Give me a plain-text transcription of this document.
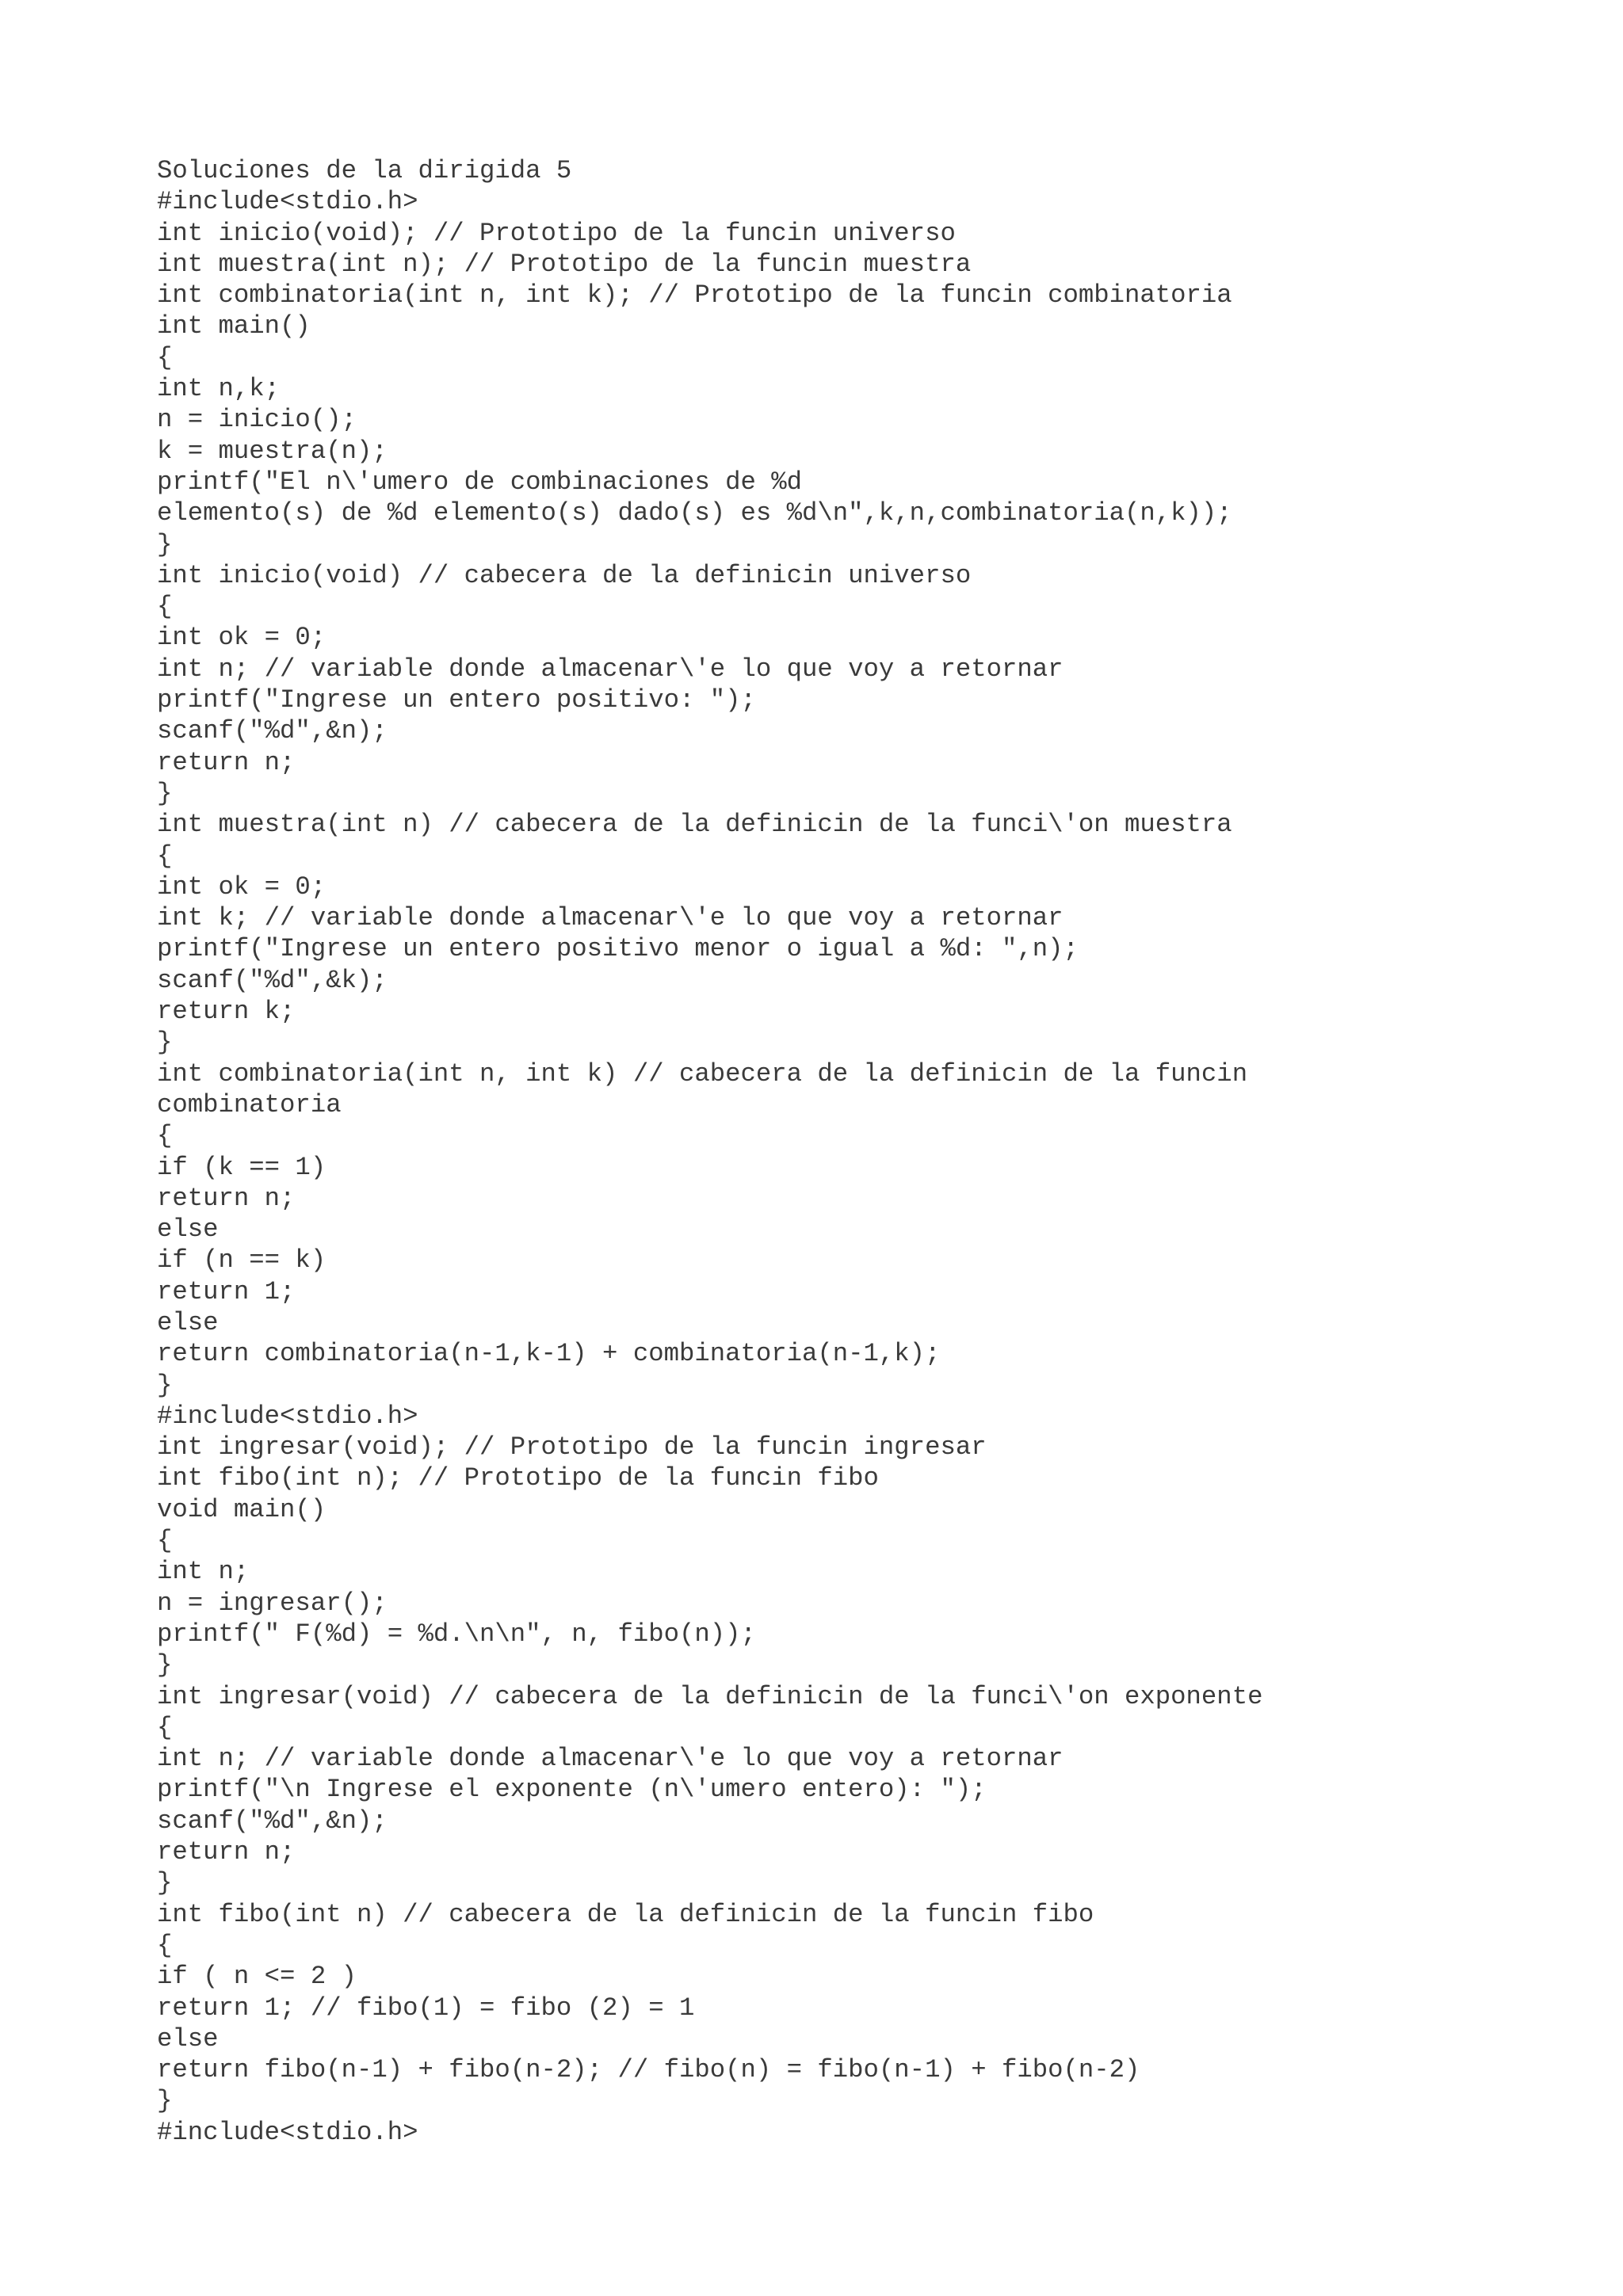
Soluciones de la dirigida 5
#include<stdio.h>
int inicio(void); // Prototipo de la funcin universo
int muestra(int n); // Prototipo de la funcin muestra
int combinatoria(int n, int k); // Prototipo de la funcin combinatoria
int main()
{
int n,k;
n = inicio();
k = muestra(n);
printf("El n\'umero de combinaciones de %d
elemento(s) de %d elemento(s) dado(s) es %d\n",k,n,combinatoria(n,k));
}
int inicio(void) // cabecera de la definicin universo
{
int ok = 0;
int n; // variable donde almacenar\'e lo que voy a retornar
printf("Ingrese un entero positivo: ");
scanf("%d",&n);
return n;
}
int muestra(int n) // cabecera de la definicin de la funci\'on muestra
{
int ok = 0;
int k; // variable donde almacenar\'e lo que voy a retornar
printf("Ingrese un entero positivo menor o igual a %d: ",n);
scanf("%d",&k);
return k;
}
int combinatoria(int n, int k) // cabecera de la definicin de la funcin
combinatoria
{
if (k == 1)
return n;
else
if (n == k)
return 1;
else
return combinatoria(n-1,k-1) + combinatoria(n-1,k);
}
#include<stdio.h>
int ingresar(void); // Prototipo de la funcin ingresar
int fibo(int n); // Prototipo de la funcin fibo
void main()
{
int n;
n = ingresar();
printf(" F(%d) = %d.\n\n", n, fibo(n));
}
int ingresar(void) // cabecera de la definicin de la funci\'on exponente
{
int n; // variable donde almacenar\'e lo que voy a retornar
printf("\n Ingrese el exponente (n\'umero entero): ");
scanf("%d",&n);
return n;
}
int fibo(int n) // cabecera de la definicin de la funcin fibo
{
if ( n <= 2 )
return 1; // fibo(1) = fibo (2) = 1
else
return fibo(n-1) + fibo(n-2); // fibo(n) = fibo(n-1) + fibo(n-2)
}
#include<stdio.h>
